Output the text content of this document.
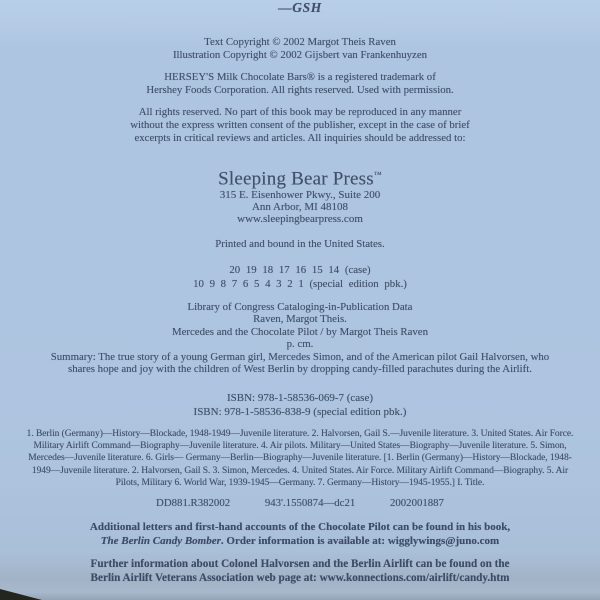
—GSH
Text Copyright © 2002 Margot Theis Raven
Illustration Copyright © 2002 Gijsbert van Frankenhuyzen
HERSEY'S Milk Chocolate Bars® is a registered trademark of
Hershey Foods Corporation. All rights reserved. Used with permission.
All rights reserved. No part of this book may be reproduced in any manner
without the express written consent of the publisher, except in the case of brief
excerpts in critical reviews and articles. All inquiries should be addressed to:
Sleeping Bear Press™
315 E. Eisenhower Pkwy., Suite 200
Ann Arbor, MI 48108
www.sleepingbearpress.com
Printed and bound in the United States.
20 19 18 17 16 15 14 (case)
10 9 8 7 6 5 4 3 2 1 (special edition pbk.)
Library of Congress Cataloging-in-Publication Data
Raven, Margot Theis.
Mercedes and the Chocolate Pilot / by Margot Theis Raven
p. cm.
Summary: The true story of a young German girl, Mercedes Simon, and of the American pilot Gail Halvorsen, who
shares hope and joy with the children of West Berlin by dropping candy-filled parachutes during the Airlift.
ISBN: 978-1-58536-069-7 (case)
ISBN: 978-1-58536-838-9 (special edition pbk.)
1. Berlin (Germany)—History—Blockade, 1948-1949—Juvenile literature. 2. Halvorsen, Gail S.—Juvenile literature. 3. United States. Air Force.
Military Airlift Command—Biography—Juvenile literature. 4. Air pilots. Military—United States—Biography—Juvenile literature. 5. Simon,
Mercedes—Juvenile literature. 6. Girls— Germany—Berlin—Biography—Juvenile literature. [1. Berlin (Germany)—History—Blockade, 1948-
1949—Juvenile literature. 2. Halvorsen, Gail S. 3. Simon, Mercedes. 4. United States. Air Force. Military Airlift Command—Biography. 5. Air
Pilots, Military 6. World War, 1939-1945—Germany. 7. Germany—History—1945-1955.] I. Title.
DD881.R382002	943'.1550874—dc21	2002001887
Additional letters and first-hand accounts of the Chocolate Pilot can be found in his book,
The Berlin Candy Bomber. Order information is available at: wigglywings@juno.com
Further information about Colonel Halvorsen and the Berlin Airlift can be found on the
Berlin Airlift Veterans Association web page at: www.konnections.com/airlift/candy.htm
